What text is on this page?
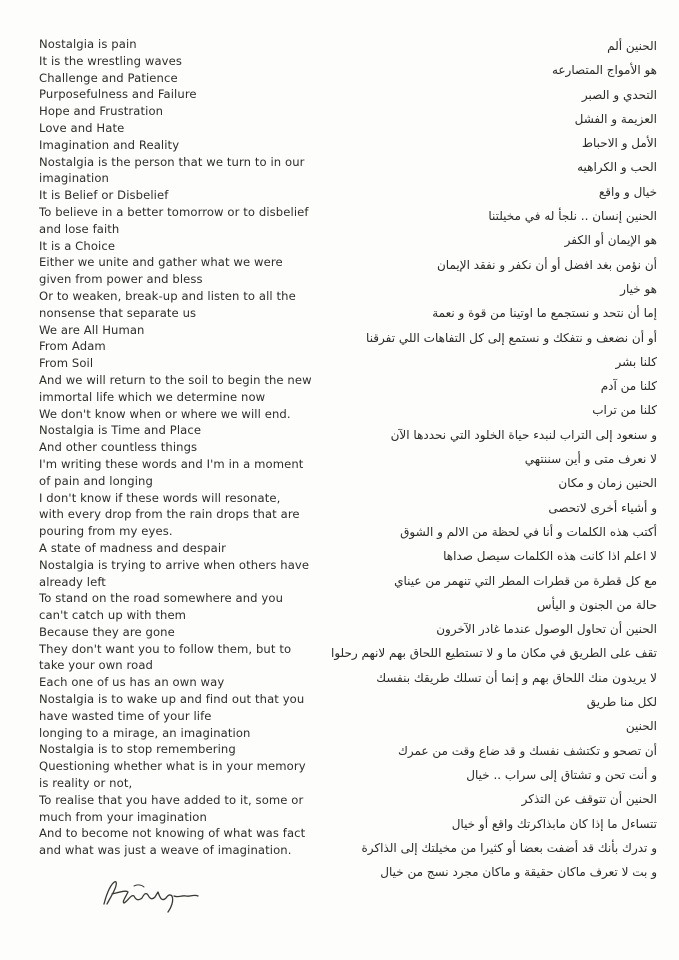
Nostalgia is pain
It is the wrestling waves
Challenge and Patience
Purposefulness and Failure
Hope and Frustration
Love and Hate
Imagination and Reality
Nostalgia is the person that we turn to in our
imagination
It is Belief or Disbelief
To believe in a better tomorrow or to disbelief
and lose faith
It is a Choice
Either we unite and gather what we were
given from power and bless
Or to weaken, break-up and listen to all the
nonsense that separate us
We are All Human
From Adam
From Soil
And we will return to the soil to begin the new
immortal life which we determine now
We don't know when or where we will end.
Nostalgia is Time and Place
And other countless things
I'm writing these words and I'm in a moment
of pain and longing
I don't know if these words will resonate,
with every drop from the rain drops that are
pouring from my eyes.
A state of madness and despair
Nostalgia is trying to arrive when others have
already left
To stand on the road somewhere and you
can't catch up with them
Because they are gone
They don't want you to follow them, but to
take your own road
Each one of us has an own way
Nostalgia is to wake up and find out that you
have wasted time of your life
longing to a mirage, an imagination
Nostalgia is to stop remembering
Questioning whether what is in your memory
is reality or not,
To realise that you have added to it, some or
much from your imagination
And to become not knowing of what was fact
and what was just a weave of imagination.
الحنين ألم
هو الأمواج المتصارعه
التحدي و الصبر
العزيمة و الفشل
الأمل و الاحباط
الحب و الكراهيه
خيال و واقع
الحنين إنسان .. نلجأ له في مخيلتنا
هو الإيمان أو الكفر
أن نؤمن بغد افضل أو أن نكفر و نفقد الإيمان
هو خيار
إما أن نتحد و نستجمع ما اوتينا من قوة و نعمة
أو أن نضعف و نتفكك و نستمع إلى كل التفاهات اللي تفرقنا
كلنا بشر
كلنا من آدم
كلنا من تراب
و سنعود إلى التراب لنبدء حياة الخلود التي نحددها الآن
لا نعرف متى و أين سننتهي
الحنين زمان و مكان
و أشياء أخرى لاتحصى
أكتب هذه الكلمات و أنا في لحظة من الالم و الشوق
لا اعلم اذا كانت هذه الكلمات سيصل صداها
مع كل قطرة من قطرات المطر التي تنهمر من عيناي
حالة من الجنون و اليأس
الحنين أن تحاول الوصول عندما غادر الآخرون
تقف على الطريق في مكان ما و لا تستطيع اللحاق بهم لانهم رحلوا
لا يريدون منك اللحاق بهم و إنما أن تسلك طريقك بنفسك
لكل منا طريق
الحنين
أن تصحو و تكتشف نفسك و قد ضاع وقت من عمرك
و أنت تحن و تشتاق إلى سراب .. خيال
الحنين أن تتوقف عن التذكر
تتساءل ما إذا كان مابذاكرتك واقع أو خيال
و تدرك بأنك قد أضفت بعضا أو كثيرا من مخيلتك إلى الذاكرة
و بت لا تعرف ماكان حقيقة و ماكان مجرد نسج من خيال
